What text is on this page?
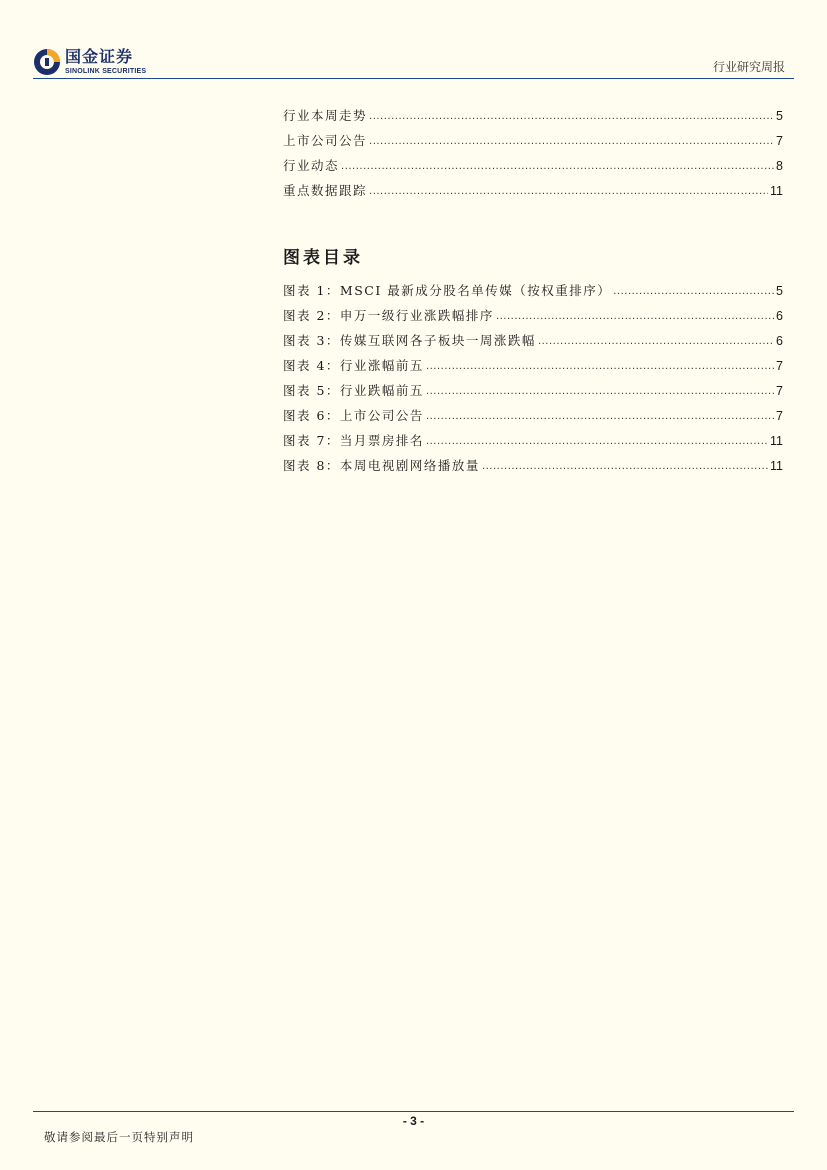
国金证券
SINOLINK SECURITIES	行业研究周报
行业本周走势 .....	5
上市公司公告 .....	7
行业动态 .....	8
重点数据跟踪 .....	11
图表目录
图表 1：MSCI 最新成分股名单传媒（按权重排序） .....	5
图表 2：申万一级行业涨跌幅排序 .....	6
图表 3：传媒互联网各子板块一周涨跌幅 .....	6
图表 4：行业涨幅前五 .....	7
图表 5：行业跌幅前五 .....	7
图表 6：上市公司公告 .....	7
图表 7：当月票房排名 .....	11
图表 8：本周电视剧网络播放量 .....	11
- 3 -
敬请参阅最后一页特别声明
